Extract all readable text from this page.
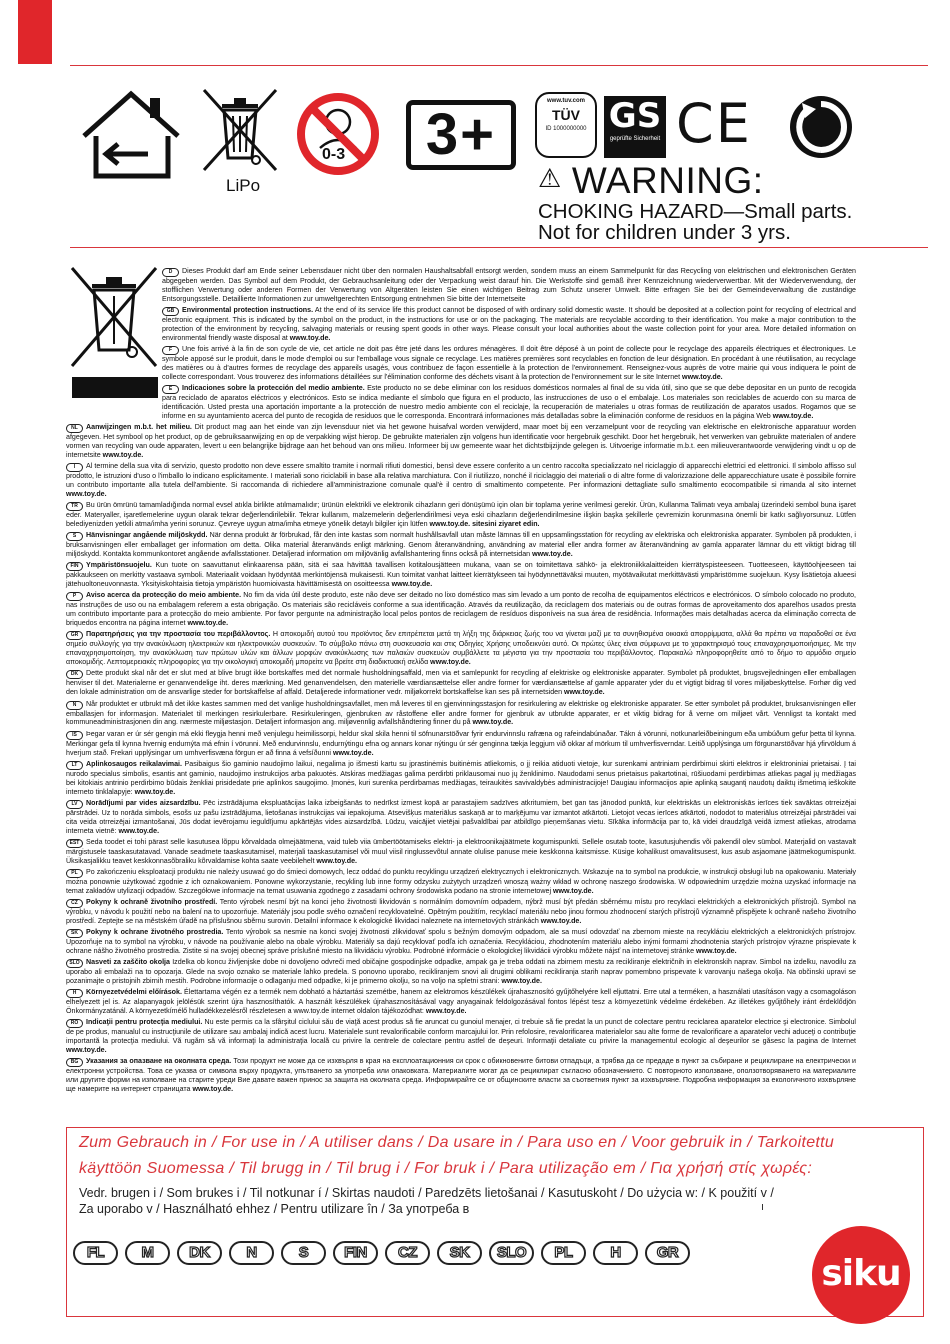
LiPo
0-3	3+
www.tuv.com
TÜV
ID 1000000000 GS
geprüfte Sicherheit CE
⚠ WARNING:
CHOKING HAZARD—Small parts.
Not for children under 3 yrs.

D Dieses Produkt darf am Ende seiner Lebensdauer nicht über den normalen Haushaltsabfall entsorgt werden, sondern muss an einem Sammelpunkt für das Recycling von elektrischen und elektronischen Geräten abgegeben werden. Das Symbol auf dem Produkt, der Gebrauchsanleitung oder der Verpackung weist darauf hin. Die Werkstoffe sind gemäß ihrer Kennzeichnung wiederverwertbar. Mit der Wiederverwendung, der stofflichen Verwertung oder anderen Formen der Verwertung von Altgeräten leisten Sie einen wichtigen Beitrag zum Schutz unserer Umwelt. Bitte erfragen Sie bei der Gemeindeverwaltung die zuständige Entsorgungsstelle. Detaillierte Informationen zur umweltgerechten Entsorgung entnehmen Sie bitte der Internetseite

GB Environmental protection instructions. At the end of its service life this product cannot be disposed of with ordinary solid domestic waste. It should be deposited at a collection point for recycling of electrical and electronic equipment. This is indicated by the symbol on the product, in the instructions for use or on the packaging. The materials are recyclable according to their identification. You make a major contribution to the protection of the environment by recycling, salvaging materials or reusing spent goods in other ways. Please consult your local authorities about the waste collection point for your area. More detailed information on environmental friendly waste disposal at www.toy.de.

F Une fois arrivé à la fin de son cycle de vie, cet article ne doit pas être jeté dans les ordures ménagères. Il doit être déposé à un point de collecte pour le recyclage des appareils électriques et électroniques. Le symbole apposé sur le produit, dans le mode d'emploi ou sur l'emballage vous signale ce recyclage. Les matières premières sont recyclables en fonction de leur désignation. En procédant à une réutilisation, au recyclage des matières ou à d'autres formes de recyclage des appareils usagés, vous contribuez de façon essentielle à la protection de l'environnement. Renseignez-vous auprès de votre mairie qui vous indiquera le point de collecte correspondant. Vous trouverez des informations détaillées sur l'élimination conforme des déchets visant à la protection de l'environnement sur le site Internet www.toy.de.

E Indicaciones sobre la protección del medio ambiente. Este producto no se debe eliminar con los residuos domésticos normales al final de su vida útil, sino que se que debe depositar en un punto de recogida para reciclado de aparatos eléctricos y electrónicos. Esto se indica mediante el símbolo que figura en el producto, las instrucciones de uso o el embalaje. Los materiales son reciclables de acuerdo con su marca de identificación. Usted presta una aportación importante a la protección de nuestro medio ambiente con el reciclaje, la recuperación de materiales u otras formas de reutilización de aparatos usados. Rogamos que se informe en su ayuntamiento acerca del punto de recogida de residuos que le corresponda. Encontrará informaciones más detalladas sobre la eliminación conforme de residuos en la página Web www.toy.de.

NL Aanwijzingen m.b.t. het milieu. Dit product mag aan het einde van zijn levensduur niet via het gewone huisafval worden verwijderd, maar moet bij een verzamelpunt voor de recycling van elektrische en elektronische apparatuur worden afgegeven. Het symbool op het product, op de gebruiksaanwijzing en op de verpakking wijst hierop. De gebruikte materialen zijn volgens hun identificatie voor hergebruik geschikt. Door het hergebruik, het verwerken van gebruikte materialen of andere vormen van recycling van oude apparaten, levert u een belangrijke bijdrage aan het behoud van ons milieu. Informeer bij uw gemeente waar het dichtstbijzijnde gelegen is. Uitvoerige informatie m.b.t. een milieuverantwoorde verwijdering vindt u op de internetsite www.toy.de.

I Al termine della sua vita di servizio, questo prodotto non deve essere smaltito tramite i normali rifiuti domestici, bensì deve essere conferito a un centro raccolta specializzato nel riciclaggio di apparecchi elettrici ed elettronici. Il simbolo affisso sul prodotto, le istruzioni d'uso o l'imballo lo indicano esplicitamente. I materiali sono riciclabili in base alla relativa marchiatura. Con il riutilizzo, nonché il riciclaggio dei materiali o di altre forme di valorizzazione delle apparecchiature usate è possibile fornire un contributo importante alla tutela dell'ambiente. Si raccomanda di richiedere all'amministrazione comunale qual'è il centro di smaltimento competente. Per informazioni dettagliate sullo smaltimento ecocompatibile si rimanda al sito internet www.toy.de.

TR Bu ürün ömrünü tamamladığında normal evsel atıkla birlikte atılmamalıdır; ürünün elektrikli ve elektronik cihazların geri dönüşümü için olan bir toplama yerine verilmesi gerekir. Ürün, Kullanma Talimatı veya ambalaj üzerindeki sembol buna işaret eder. Materyaller, işaretlemelerine uygun olarak tekrar değerlendirilebilir. Tekrar kullanım, malzemelerin değerlendirilmesi veya eski cihazların değerlendirilmesine ilişkin başka şekillerle çevremizin korunmasına önemli bir katkı sağlıyorsunuz. Lütfen belediyenizden yetkili atma/imha yerini sorunuz. Çevreye uygun atma/imha etmeye yönelik detaylı bilgiler için lütfen www.toy.de. sitesini ziyaret edin.

S Hänvisningar angående miljöskydd. När denna produkt är förbrukad, får den inte kastas som normalt hushållsavfall utan måste lämnas till en uppsamlingsstation för recycling av elektriska och elektroniska apparater. Symbolen på produkten, i bruksanvisningen eller emballaget ger information om detta. Olika material återanvänds enligt märkning. Genom återanvändning, användning av material eller andra former av återanvändning av gamla apparater lämnar du ett viktigt bidrag till miljöskydd. Kontakta kommunkontoret angående avfallsstationer. Detaljerad information om miljövänlig avfallshantering finns också på internetsidan www.toy.de.

FIN Ympäristönsuojelu. Kun tuote on saavuttanut elinkaarensa pään, sitä ei saa hävittää tavallisen kotitalousjätteen mukana, vaan se on toimitettava sähkö- ja elektroniikkalaitteiden kierrätyspisteeseen. Tuotteeseen, käyttöohjeeseen tai pakkaukseen on merkitty vastaava symboli. Materiaalit voidaan hyödyntää merkintöjensä mukaisesti. Kun toimitat vanhat laitteet kierrätykseen tai hyödynnettäväksi muuten, myötävaikutat merkittävästi ympäristömme suojeluun. Kysy lisätietoja alueesi jätehuoltoneuvonnasta. Yksityiskohtaisia tietoja ympäristön huomioivasta hävittämisestä on osoitteessa www.toy.de.

P Aviso acerca da protecção do meio ambiente. No fim da vida útil deste produto, este não deve ser deitado no lixo doméstico mas sim levado a um ponto de recolha de equipamentos eléctricos e electrónicos. O símbolo colocado no produto, nas instruções de uso ou na embalagem referem a esta obrigação. Os materiais são recicláveis conforme a sua identificação. Através da reutilização, da reciclagem dos materiais ou de outras formas de aproveitamento dos aparelhos usados presta um contributo importante para a protecção do meio ambiente. Por favor pergunte na administração local pelos pontos de reciclagem de resíduos disponíveis na sua área de residência. Informações mais detalhadas acerca da eliminação correcta de briquedos encontra na página internet www.toy.de.

GR Παρατηρήσεις για την προστασία του περιβάλλοντος. Η αποκομιδή αυτού του προϊόντος δεν επιτρέπεται μετά τη λήξη της διάρκειας ζωής του να γίνεται μαζί με τα συνηθισμένα οικιακά απορρίμματα, αλλά θα πρέπει να παραδοθεί σε ένα σημείο συλλογής για την ανακύκλωση ηλεκτρικών και ηλεκτρονικών συσκευών. Το σύμβολο πάνω στη συσκευασία και στις Οδηγίες Χρήσης υποδεικνύει αυτό. Οι πρώτες ύλες είναι σύμφωνα με το χαρακτηρισμό τους επαναχρησιμοποιήσιμες. Με την επαναχρησιμοποίηση, την ανακύκλωση των πρώτων υλών και άλλων μορφών ανακύκλωσης των παλαιών συσκευών συμβάλλετε τα μέγιστα για την προστασία του περιβάλλοντος. Παρακαλώ πληροφορηθείτε από το δήμο το αρμόδιο σημείο αποκομιδής. Λεπτομερειακές πληροφορίες για την οικολογική αποκομιδή μπορείτε να βρείτε στη διαδικτυακή σελίδα www.toy.de.

DK Dette produkt skal når det er slut med at blive brugt ikke bortskaffes med det normale husholdningsaffald, men via et samlepunkt for recycling af elektriske og elektroniske apparater. Symbolet på produktet, brugsvejledningen eller emballagen henviser til det. Materialerne er genanvendelige iht. deres mærkning. Med genanvendelsen, den materielle værdiansættelse eller andre former for værdiansættelse af gamle apparater yder du et vigtigt bidrag til vores miljøbeskyttelse. Forhør dig ved den lokale administration om de ansvarlige steder for bortskaffelse af affald. Detaljerede informationer vedr. miljøkorrekt bortskaffelse kan ses på internetsiden www.toy.de.

N Når produktet er utbrukt må det ikke kastes sammen med det vanlige husholdningsavfallet, men må leveres til en gjenvinningsstasjon for resirkulering av elektriske og elektroniske apparater. Se etter symbolet på produktet, bruksanvisningen eller emballasjen for informasjon. Materialet til merkingen resirkulerbare. Resirkuleringen, gjenbruken av råstoffene eller andre former for gjenbruk av utbrukte apparater, er et viktig bidrag for å verne om miljøet vårt. Vennligst ta kontakt med kommuneadministrasjonen din ang. nærmeste miljøstasjon. Detaljert informasjon ang. miljøvennlig avfallshåndtering finner du på www.toy.de.

IS Þegar varan er úr sér gengin má ekki fleygja henni með venjulegu heimilissorpi, heldur skal skila henni til söfnunarstöðvar fyrir endurvinnslu rafræna og rafeindabúnaðar. Tákn á vörunni, notkunarleiðbeiningum eða umbúðum gefur þetta til kynna. Merkingar gefa til kynna hvernig endurnýta má efnin í vörunni. Með endurvinnslu, endurnýtingu efna og annars konar nýtingu úr sér genginna tækja leggjum við okkar af mörkum til umhverfisverndar. Leitið upplýsinga um förgunarstöðvar hjá yfirvöldum á hverjum stað. Frekari upplýsingar um umhverfisvæna förgun er að finna á vefsíðunni www.toy.de.

LT Aplinkosaugos reikalavimai. Pasibaigus šio gaminio naudojimo laikui, negalima jo išmesti kartu su įprastinėmis buitinėmis atliekomis, o jį reikia atiduoti vietoje, kur surenkami antriniam perdirbimui skirti elektros ir elektroniniai prietaisai. Į tai nurodo specialus simbolis, esantis ant gaminio, naudojimo instrukcijos arba pakuotės. Atskiras medžiagas galima perdirbti priklausomai nuo jų ženklinimo. Naudodami senus prietaisus pakartotinai, rūšiuodami perdirbimas atliekas pagal jų medžiagas bei kitokiais antrinio perdirbimo būdais ženkliai prisidedate prie aplinkos saugojimo. Įmonės, kuri surenka perdirbamas medžiagas, teiraukitės savivaldybės administracijoje! Daugiau informacijos apie aplinką saugantį naudotų daiktų išmetimą ieškokite interneto tinklalapyje: www.toy.de.

LV Norādījumi par vides aizsardzību. Pēc izstrādājuma ekspluatācijas laika izbeigšanās to nedrīkst izmest kopā ar parastajiem sadzīves atkritumiem, bet gan tas jānodod punktā, kur elektriskās un elektroniskās ierīces tiek savāktas otrreizējai pārstrādei. Uz to norāda simbols, esošs uz pašu izstrādājuma, lietošanas instrukcijas vai iepakojuma. Atsevišķus materiālus saskaņā ar to marķējumu var izmantot atkārtoti. Lietojot vecas ierīces atkārtoti, nododot to materiālus otrreizējai pārstrādei vai cita veida otrreizējai izmantošanai, Jūs dodat ievērojamu ieguldījumu apkārtējās vides aizsardzībā. Lūdzu, vaicājiet vietējai pašvaldībai par atbildīgo pieņemšanas vietu. Sīkāka informācija par to, kā videi draudzīgā veidā izmest atliekas, atrodama interneta vietnē: www.toy.de.

EST Seda toodet ei tohi pärast selle kasutusea lõppu kõrvaldada olmejäätmena, vaid tuleb viia ümbertöötamiseks elektri- ja elektroonikajäätmete kogumispunkti. Sellele osutab toote, kasutusjuhendis või pakendil olev sümbol. Materjalid on vastavalt märgistusele taaskasutatavad. Vanade seadmete taaskasutamisel, materjali taaskasutamisel või muul viisil ringlussevõtul annate olulise panuse meie keskkonna kaitsmisse. Küsige kohalikust omavalitsusest, kus asub asjaomane jäätmekogumispunkt. Üksikasjalikku teavet keskkonnasõbraliku kõrvaldamise kohta saate veebilehelt www.toy.de.

PL Po zakończeniu eksploatacji produktu nie należy usuwać go do śmieci domowych, lecz oddać do punktu recyklingu urządzeń elektrycznych i elektronicznych. Wskazuje na to symbol na produkcie, w instrukcji obsługi lub na opakowaniu. Materiały można ponownie użytkować zgodnie z ich oznakowaniem. Ponowne wykorzystanie, recykling lub inne formy odzysku zużytych urządzeń wnoszą ważny wkład w ochronę naszego środowiska. W odpowiednim urzędzie można uzyskać informacje na temat zakładów utylizacji odpadów. Szczegółowe informacje na temat usuwania zgodnego z zasadami ochrony środowiska podano na stronie internetowej www.toy.de.

CZ Pokyny k ochraně životního prostředí. Tento výrobek nesmí být na konci jeho životnosti likvidován s normálním domovním odpadem, nýbrž musí být předán sběrnému místu pro recyklaci elektrických a elektronických přístrojů. Symbol na výrobku, v návodu k použití nebo na balení na to upozorňuje. Materiály jsou podle svého označení recyklovatelné. Opětným použitím, recyklací materiálu nebo jinou formou zhodnocení starých přístrojů významně přispějete k ochraně našeho životního prostředí. Zeptejte se na městském úřadě na příslušnou sběrnu surovin. Detailní informace k ekologické likvidaci naleznete na internetových stránkách www.toy.de.

SK Pokyny k ochrane životného prostredia. Tento výrobok sa nesmie na konci svojej životnosti zlikvidovať spolu s bežným domovým odpadom, ale sa musí odovzdať na zbernom mieste na recykláciu elektrických a elektronických prístrojov. Upozorňuje na to symbol na výrobku, v návode na používanie alebo na obale výrobku. Materiály sa dajú recyklovať podľa ich označenia. Recykláciou, zhodnotením materiálu alebo inými formami zhodnotenia starých prístrojov výrazne prispievate k ochrane nášho životného prostredia. Zistite si na svojej obecnej správe príslušné miesto na likvidáciu výrobku. Podrobné informácie o ekologickej likvidácii výrobku môžete nájsť na internetovej stránke www.toy.de.

SLO Nasveti za zaščito okolja Izdelka ob koncu življenjske dobe ni dovoljeno odvreči med običajne gospodinjske odpadke, ampak ga je treba oddati na zbirnem mestu za recikliranje električnih in elektronskih naprav. Simbol na izdelku, navodilu za uporabo ali embalaži na to opozarja. Glede na svojo oznako se materiale lahko predela. S ponovno uporabo, recikliranjem snovi ali drugimi oblikami recikliranja starih naprav pomembno prispevate k varovanju našega okolja. Na občinski upravi se pozanimajte o pristojnih zbirnih mestih. Podrobne informacije o odlaganju med odpadke, ki je primerno okolju, so na voljo na spletni strani: www.toy.de.

H Környezetvédelmi előírások. Élettartama végén ez a termék nem dobható a háztartási szemétbe, hanem az elektromos készülékek újrahasznosító gyűjtőhelyére kell eljuttatni. Erre utal a terméken, a használati utasításon vagy a csomagoláson elhelyezett jel is. Az alapanyagok jelölésük szerint újra hasznosíthatók. A használt készülékek újrahasznosításával vagy anyagainak feldolgozásával fontos lépést tesz a környezetünk védelme érdekében. Az illetékes gyűjtőhely iránt érdeklődjön Önkormányzatánál. A környezetkímélő hulladékkezelésről részletesen a www.toy.de internet oldalon tájékozódhat: www.toy.de.

RO Indicaţii pentru protecţia mediului. Nu este permis ca la sfârşitul ciclului său de viaţă acest produs să fie aruncat cu gunoiul menajer, ci trebuie să fie predat la un punct de colectare pentru reciclarea aparatelor electrice şi electronice. Simbolul de pe produs, manualul cu instrucţiunile de utilizare sau ambalaj indică acest lucru. Materialele sunt revalorificabile conform marcajului lor. Prin refolosire, revalorificarea materialelor sau alte forme de revalorificare a aparatelor vechi aduceţi o contribuţie importantă la protecţia mediului. Vă rugăm să vă informaţi la administraţia locală cu privire la centrele de colectare pentru astfel de deşeuri. Informaţii detaliate cu privire la managementul ecologic al deşeurilor se găsesc la pagina de Internet www.toy.de.

BG Указания за опазване на околната среда. Този продукт не може да се изхвърля в края на експлоатационния си срок с обикновените битови отпадъци, а трябва да се предаде в пункт за събиране и рециклиране на електрически и електронни устройства. Това се указва от символа върху продукта, упътването за употреба или опаковката. Материалите могат да се рециклират съгласно обозначението. С повторното използване, оползотворяването на материалите или другите форми на изполване на старите уреди Вие давате важен принос за защита на околната среда. Информирайте се от общинските власти за съответния пункт за изхвърляне. Подробна информация за екологичното изхвърляне ще намерите на интернет страницата www.toy.de.

Zum Gebrauch in / For use in / A utiliser dans / Da usare in / Para uso en / Voor gebruik in / Tarkoitettu
käyttöön Suomessa / Til brugg in / Til brug i / For bruk i / Para utilização em / Για χρήσή στίς χωρές:
Vedr. brugen i / Som brukes i / Til notkunar í / Skirtas naudoti / Paredzēts lietošanai / Kasutuskoht / Do użycia w: / K použití v /
Za uporabo v / Használható ehhez / Pentru utilizare în / За употреба в
FL	M	DK	N	S	FIN	CZ	SK	SLO	PL	H	GR
siku
